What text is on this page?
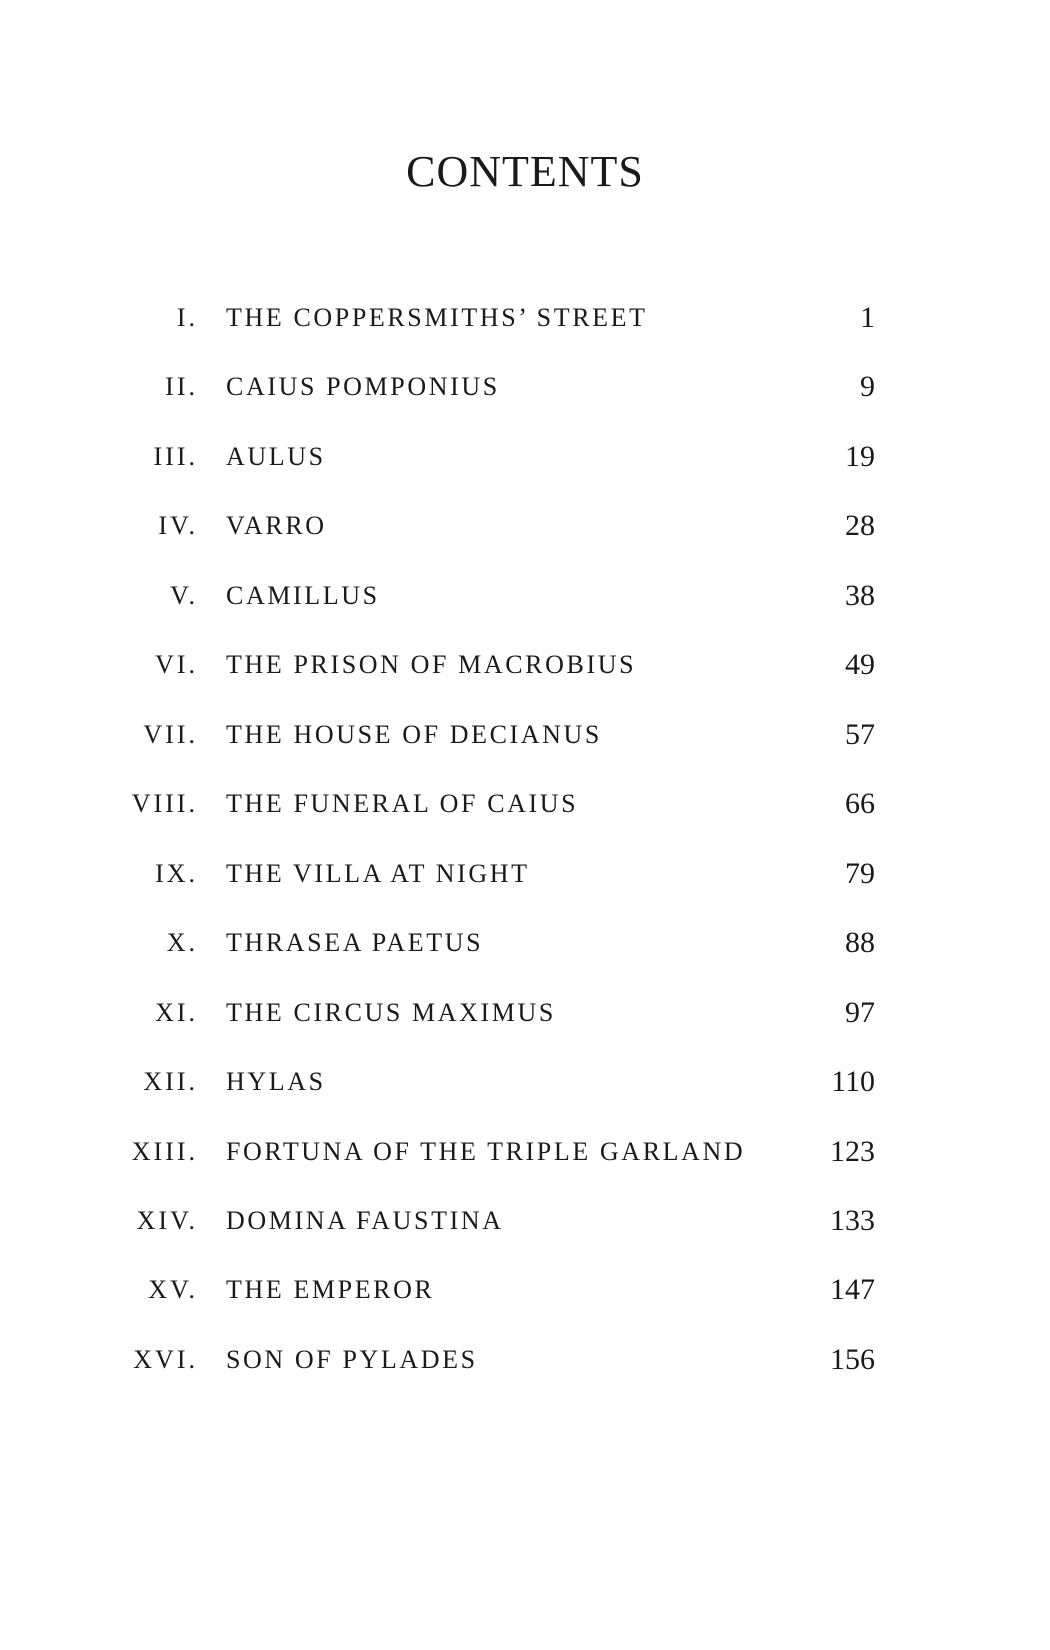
CONTENTS
I. THE COPPERSMITHS’ STREET	1
II. CAIUS POMPONIUS	9
III. AULUS	19
IV. VARRO	28
V. CAMILLUS	38
VI. THE PRISON OF MACROBIUS	49
VII. THE HOUSE OF DECIANUS	57
VIII. THE FUNERAL OF CAIUS	66
IX. THE VILLA AT NIGHT	79
X. THRASEA PAETUS	88
XI. THE CIRCUS MAXIMUS	97
XII. HYLAS	110
XIII. FORTUNA OF THE TRIPLE GARLAND	123
XIV. DOMINA FAUSTINA	133
XV. THE EMPEROR	147
XVI. SON OF PYLADES	156
